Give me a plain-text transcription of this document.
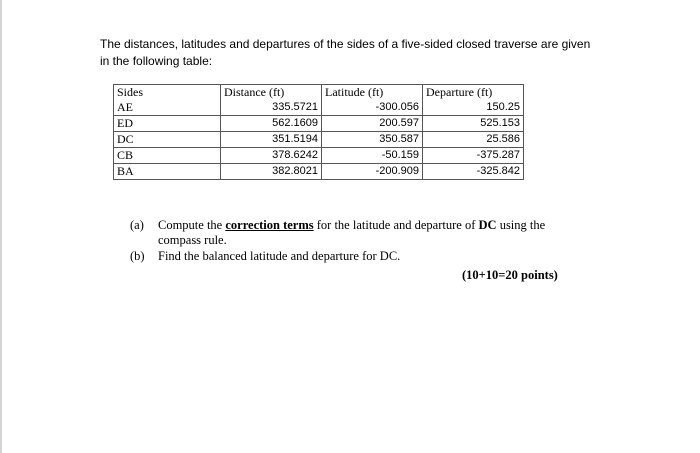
The distances, latitudes and departures of the sides of a five-sided closed traverse are given
in the following table:
Sides	Distance (ft)	Latitude (ft)	Departure (ft)
AE	335.5721	-300.056	150.25
ED	562.1609	200.597	525.153
DC	351.5194	350.587	25.586
CB	378.6242	-50.159	-375.287
BA	382.8021	-200.909	-325.842
(a)	Compute the correction terms for the latitude and departure of DC using the compass rule.
(b)	Find the balanced latitude and departure for DC.
(10+10=20 points)
